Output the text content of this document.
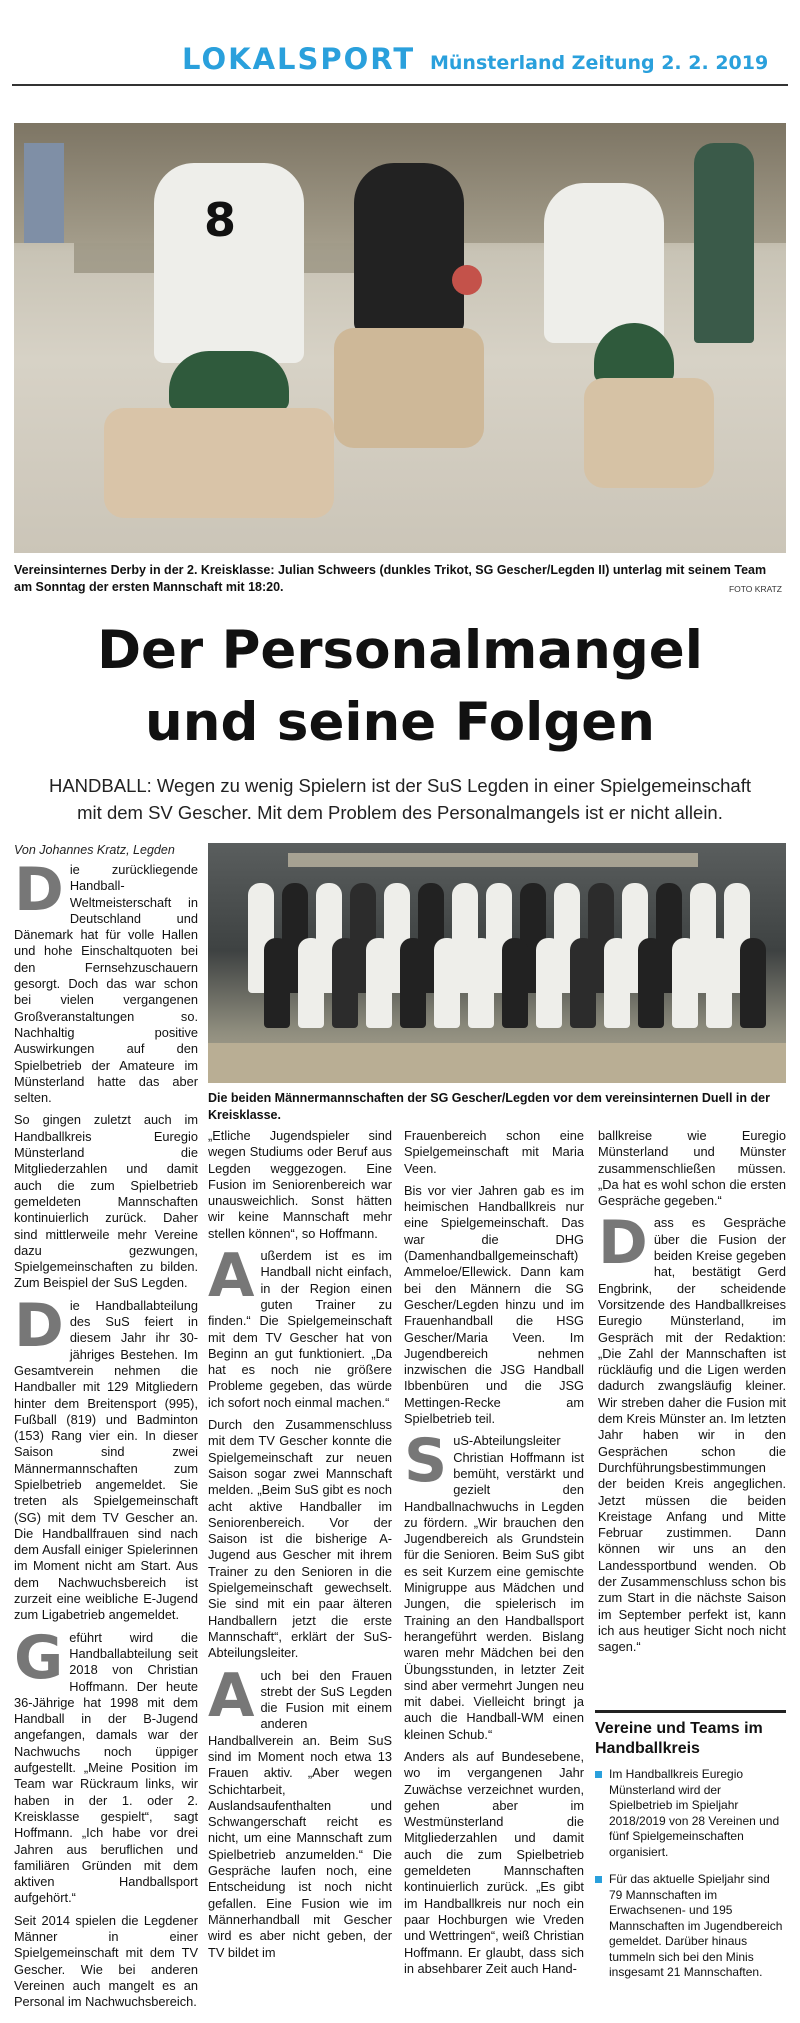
LOKALSPORT Münsterland Zeitung 2. 2. 2019
8
Vereinsinternes Derby in der 2. Kreisklasse: Julian Schweers (dunkles Trikot, SG Gescher/Legden II) unterlag mit seinem Team am Sonntag der ersten Mannschaft mit 18:20.	FOTO KRATZ
Der Personalmangel
und seine Folgen
HANDBALL: Wegen zu wenig Spielern ist der SuS Legden in einer Spielgemeinschaft
mit dem SV Gescher. Mit dem Problem des Personalmangels ist er nicht allein.
Von Johannes Kratz, Legden

Die zurückliegende Handball-Weltmeisterschaft in Deutschland und Dänemark hat für volle Hallen und hohe Einschaltquoten bei den Fernsehzuschauern gesorgt. Doch das war schon bei vielen vergangenen Großveranstaltungen so. Nachhaltig positive Auswirkungen auf den Spielbetrieb der Amateure im Münsterland hatte das aber selten.

So gingen zuletzt auch im Handballkreis Euregio Münsterland die Mitgliederzahlen und damit auch die zum Spielbetrieb gemeldeten Mannschaften kontinuierlich zurück. Daher sind mittlerweile mehr Vereine dazu gezwungen, Spielgemeinschaften zu bilden. Zum Beispiel der SuS Legden.

Die Handballabteilung des SuS feiert in diesem Jahr ihr 30-jähriges Bestehen. Im Gesamtverein nehmen die Handballer mit 129 Mitgliedern hinter dem Breitensport (995), Fußball (819) und Badminton (153) Rang vier ein. In dieser Saison sind zwei Männermannschaften zum Spielbetrieb angemeldet. Sie treten als Spielgemeinschaft (SG) mit dem TV Gescher an. Die Handballfrauen sind nach dem Ausfall einiger Spielerinnen im Moment nicht am Start. Aus dem Nachwuchsbereich ist zurzeit eine weibliche E-Jugend zum Ligabetrieb angemeldet.

Geführt wird die Handballabteilung seit 2018 von Christian Hoffmann. Der heute 36-Jährige hat 1998 mit dem Handball in der B-Jugend angefangen, damals war der Nachwuchs noch üppiger aufgestellt. „Meine Position im Team war Rückraum links, wir haben in der 1. oder 2. Kreisklasse gespielt“, sagt Hoffmann. „Ich habe vor drei Jahren aus beruflichen und familiären Gründen mit dem aktiven Handballsport aufgehört.“

Seit 2014 spielen die Legdener Männer in einer Spielgemeinschaft mit dem TV Gescher. Wie bei anderen Vereinen auch mangelt es an Personal im Nachwuchsbereich.

Die beiden Männermannschaften der SG Gescher/Legden vor dem vereinsinternen Duell in der Kreisklasse.

„Etliche Jugendspieler sind wegen Studiums oder Beruf aus Legden weggezogen. Eine Fusion im Seniorenbereich war unausweichlich. Sonst hätten wir keine Mannschaft mehr stellen können“, so Hoffmann.

Außerdem ist es im Handball nicht einfach, in der Region einen guten Trainer zu finden.“ Die Spielgemeinschaft mit dem TV Gescher hat von Beginn an gut funktioniert. „Da hat es noch nie größere Probleme gegeben, das würde ich sofort noch einmal machen.“

Durch den Zusammenschluss mit dem TV Gescher konnte die Spielgemeinschaft zur neuen Saison sogar zwei Mannschaft melden. „Beim SuS gibt es noch acht aktive Handballer im Seniorenbereich. Vor der Saison ist die bisherige A-Jugend aus Gescher mit ihrem Trainer zu den Senioren in die Spielgemeinschaft gewechselt. Sie sind mit ein paar älteren Handballern jetzt die erste Mannschaft“, erklärt der SuS-Abteilungsleiter.

Auch bei den Frauen strebt der SuS Legden die Fusion mit einem anderen Handballverein an. Beim SuS sind im Moment noch etwa 13 Frauen aktiv. „Aber wegen Schichtarbeit, Auslandsaufenthalten und Schwangerschaft reicht es nicht, um eine Mannschaft zum Spielbetrieb anzumelden.“ Die Gespräche laufen noch, eine Entscheidung ist noch nicht gefallen. Eine Fusion wie im Männerhandball mit Gescher wird es aber nicht geben, der TV bildet im

Frauenbereich schon eine Spielgemeinschaft mit Maria Veen.

Bis vor vier Jahren gab es im heimischen Handballkreis nur eine Spielgemeinschaft. Das war die DHG (Damenhandballgemeinschaft) Ammeloe/Ellewick. Dann kam bei den Männern die SG Gescher/Legden hinzu und im Frauenhandball die HSG Gescher/Maria Veen. Im Jugendbereich nehmen inzwischen die JSG Handball Ibbenbüren und die JSG Mettingen-Recke am Spielbetrieb teil.

SuS-Abteilungsleiter Christian Hoffmann ist bemüht, verstärkt und gezielt den Handballnachwuchs in Legden zu fördern. „Wir brauchen den Jugendbereich als Grundstein für die Senioren. Beim SuS gibt es seit Kurzem eine gemischte Minigruppe aus Mädchen und Jungen, die spielerisch im Training an den Handballsport herangeführt werden. Bislang waren mehr Mädchen bei den Übungsstunden, in letzter Zeit sind aber vermehrt Jungen neu mit dabei. Vielleicht bringt ja auch die Handball-WM einen kleinen Schub.“

Anders als auf Bundesebene, wo im vergangenen Jahr Zuwächse verzeichnet wurden, gehen aber im Westmünsterland die Mitgliederzahlen und damit auch die zum Spielbetrieb gemeldeten Mannschaften kontinuierlich zurück. „Es gibt im Handballkreis nur noch ein paar Hochburgen wie Vreden und Wettringen“, weiß Christian Hoffmann. Er glaubt, dass sich in absehbarer Zeit auch Hand-

ballkreise wie Euregio Münsterland und Münster zusammenschließen müssen. „Da hat es wohl schon die ersten Gespräche gegeben.“

Dass es Gespräche über die Fusion der beiden Kreise gegeben hat, bestätigt Gerd Engbrink, der scheidende Vorsitzende des Handballkreises Euregio Münsterland, im Gespräch mit der Redaktion: „Die Zahl der Mannschaften ist rückläufig und die Ligen werden dadurch zwangsläufig kleiner. Wir streben daher die Fusion mit dem Kreis Münster an. Im letzten Jahr haben wir in den Gesprächen schon die Durchführungsbestimmungen der beiden Kreis angeglichen. Jetzt müssen die beiden Kreistage Anfang und Mitte Februar zustimmen. Dann können wir uns an den Landessportbund wenden. Ob der Zusammenschluss schon bis zum Start in die nächste Saison im September perfekt ist, kann ich aus heutiger Sicht noch nicht sagen.“

Vereine und Teams im Handballkreis
Im Handballkreis Euregio Münsterland wird der Spielbetrieb im Spieljahr 2018/2019 von 28 Vereinen und fünf Spielgemeinschaften organisiert.
Für das aktuelle Spieljahr sind 79 Mannschaften im Erwachsenen- und 195 Mannschaften im Jugendbereich gemeldet. Darüber hinaus tummeln sich bei den Minis insgesamt 21 Mannschaften.
